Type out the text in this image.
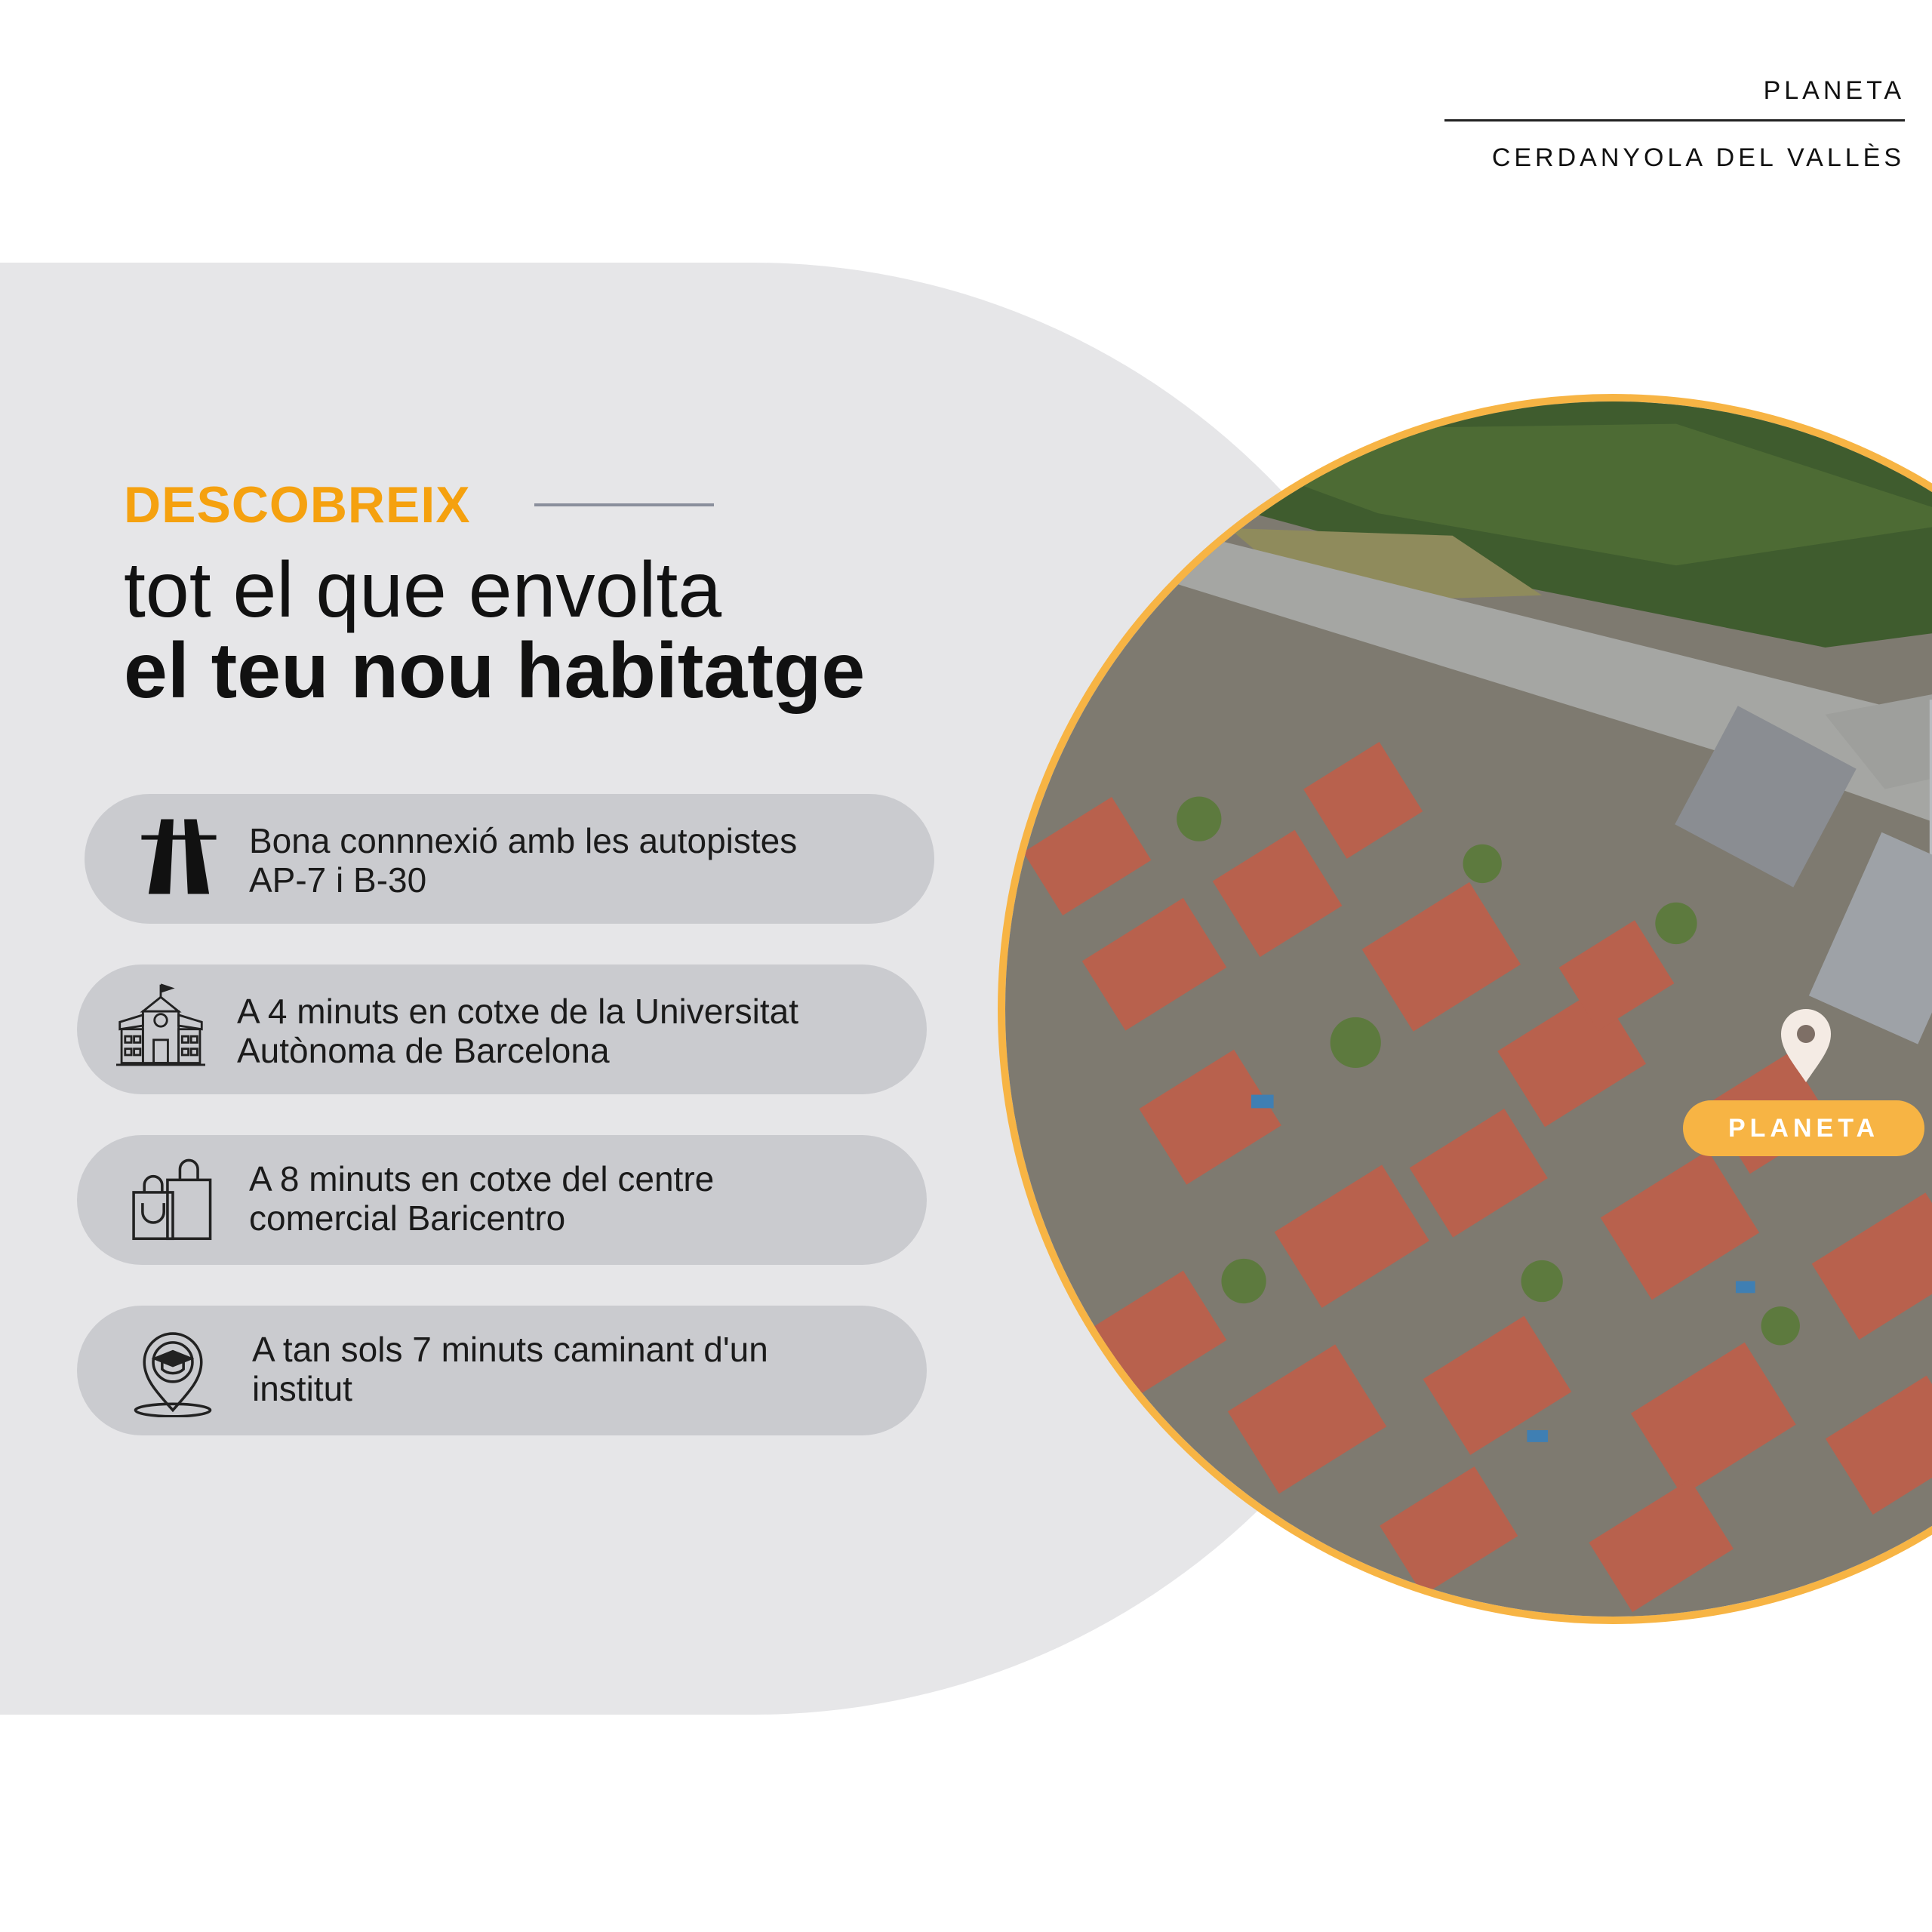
PLANETA
CERDANYOLA DEL VALLÈS
DESCOBREIX
tot el que envolta
el teu nou habitatge
Bona connnexió amb les autopistes
AP-7 i B-30
A 4 minuts en cotxe de la Universitat
Autònoma de Barcelona
A 8 minuts en cotxe del centre
comercial Baricentro
A tan sols 7 minuts caminant d'un
institut
PLANETA
